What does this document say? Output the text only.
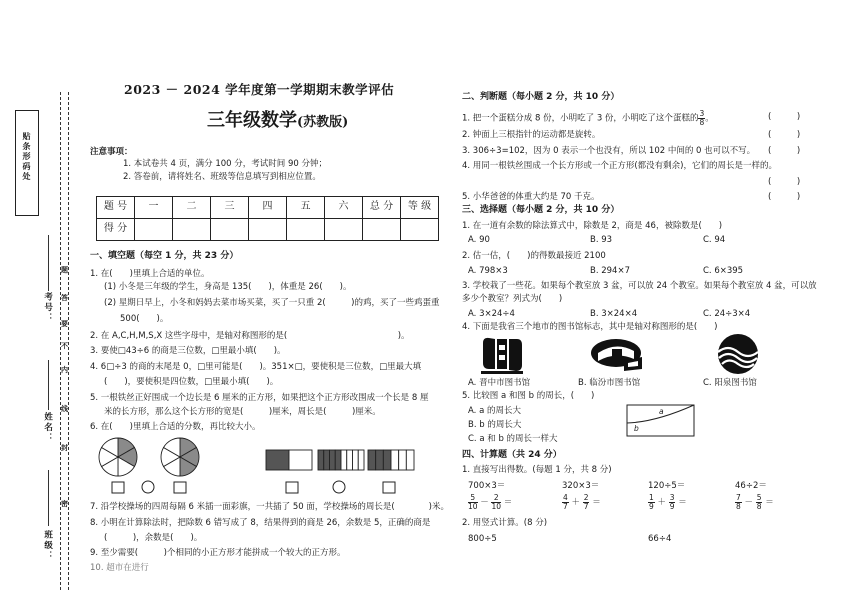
贴条形码处
考号：
姓名：
班级：
题
答
要
不
内
线
封
密
2023 － 2024 学年度第一学期期末教学评估
三年级数学(苏教版)
注意事项：
1. 本试卷共 4 页，满分 100 分，考试时间 90 分钟；
2. 答卷前，请将姓名、班级等信息填写到相应位置。
题 号	一	二	三	四	五	六	总 分	等 级
得 分								
一、填空题（每空 1 分，共 23 分）
1. 在(　　)里填上合适的单位。
(1) 小冬是三年级的学生，身高是 135(　　)，体重是 26(　　)。
(2) 星期日早上，小冬和妈妈去菜市场买菜，买了一只重 2(　　　)的鸡，买了一些鸡蛋重
500(　　)。
2. 在 A,C,H,M,S,X 这些字母中，是轴对称图形的是(　　　　　　　　　　　　　)。
3. 要使□43÷6 的商是三位数，□里最小填(　　)。
4. 6□÷3 的商的末尾是 0，□里可能是(　　)。351×□，要使积是三位数，□里最大填
(　　)，要使积是四位数，□里最小填(　　)。
5. 一根铁丝正好围成一个边长是 6 厘米的正方形，如果把这个正方形改围成一个长是 8 厘
米的长方形，那么这个长方形的宽是(　　　)厘米，周长是(　　　)厘米。
6. 在(　　)里填上合适的分数，再比较大小。
7. 沿学校操场的四周每隔 6 米插一面彩旗，一共插了 50 面，学校操场的周长是(　　　　)米。
8. 小明在计算除法时，把除数 6 错写成了 8，结果得到的商是 26，余数是 5，正确的商是
(　　　)，余数是(　　)。
9. 至少需要(　　　)个相同的小正方形才能拼成一个较大的正方形。
10. 超市在进行
二、判断题（每小题 2 分，共 10 分）
1. 把一个蛋糕分成 8 份，小明吃了 3 份，小明吃了这个蛋糕的 $\frac{3}{8}$ 。	(　　　)
2. 钟面上三根指针的运动都是旋转。	(　　　)
3. 306÷3=102，因为 0 表示一个也没有，所以 102 中间的 0 也可以不写。 (　　　)
4. 用同一根铁丝围成一个长方形或一个正方形(都没有剩余)，它们的周长是一样的。
(　　　)
5. 小华爸爸的体重大约是 70 千克。	(　　　)
三、选择题（每小题 2 分，共 10 分）
1. 在一道有余数的除法算式中，除数是 2，商是 46，被除数是(　　)
A. 90	B. 93	C. 94
2. 估一估，(　　)的得数最接近 2100
A. 798×3	B. 294×7	C. 6×395
3. 学校栽了一些花。如果每个教室放 3 盆，可以放 24 个教室。如果每个教室放 4 盆，可以放
多少个教室？列式为(　　)
A. 3×24÷4	B. 3×24×4	C. 24÷3×4
4. 下面是我省三个地市的图书馆标志，其中是轴对称图形的是(　　)
A. 晋中市图书馆	B. 临汾市图书馆	C. 阳泉图书馆
5. 比较图 a 和图 b 的周长，(　　)
A. a 的周长大
B. b 的周长大
C. a 和 b 的周长一样大
a
b
四、计算题（共 24 分）
1. 直接写出得数。(每题 1 分，共 8 分)
700×3＝	320×3＝	120÷5＝	46÷2＝
$\frac{5}{10} - \frac{2}{10}$ ＝	$\frac{4}{7} + \frac{2}{7}$ ＝	$\frac{1}{9} + \frac{3}{9}$ ＝	$\frac{7}{8} - \frac{5}{8}$ ＝
2. 用竖式计算。(8 分)
800÷5	66÷4
